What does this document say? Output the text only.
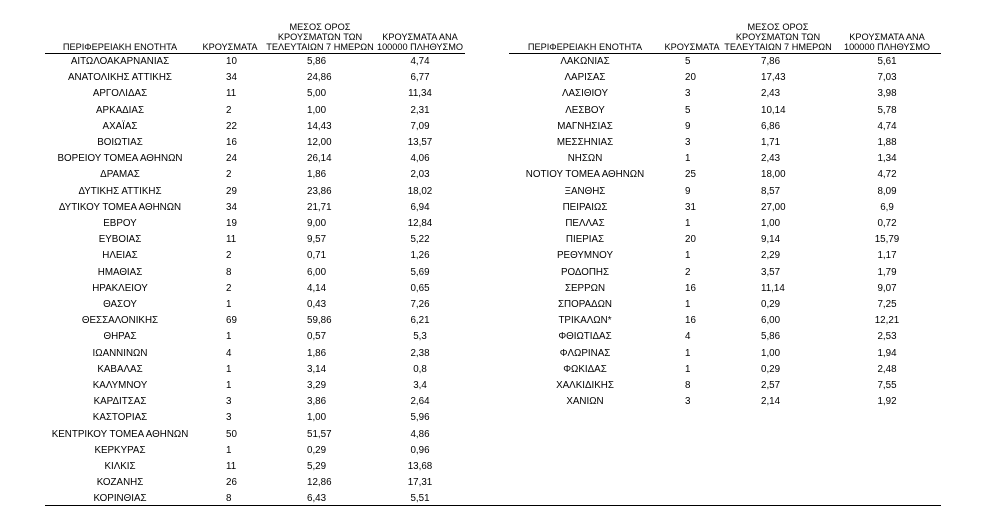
ΠΕΡΙΦΕΡΕΙΑΚΗ ΕΝΟΤΗΤΑ	ΚΡΟΥΣΜΑΤΑ	ΜΕΣΟΣ ΟΡΟΣ ΚΡΟΥΣΜΑΤΩΝ ΤΩΝ ΤΕΛΕΥΤΑΙΩΝ 7 ΗΜΕΡΩΝ	ΚΡΟΥΣΜΑΤΑ ΑΝΑ 100000 ΠΛΗΘΥΣΜΟ
ΑΙΤΩΛΟΑΚΑΡΝΑΝΙΑΣ	10	5,86	4,74
ΑΝΑΤΟΛΙΚΗΣ ΑΤΤΙΚΗΣ	34	24,86	6,77
ΑΡΓΟΛΙΔΑΣ	11	5,00	11,34
ΑΡΚΑΔΙΑΣ	2	1,00	2,31
ΑΧΑΪΑΣ	22	14,43	7,09
ΒΟΙΩΤΙΑΣ	16	12,00	13,57
ΒΟΡΕΙΟΥ ΤΟΜΕΑ ΑΘΗΝΩΝ	24	26,14	4,06
ΔΡΑΜΑΣ	2	1,86	2,03
ΔΥΤΙΚΗΣ ΑΤΤΙΚΗΣ	29	23,86	18,02
ΔΥΤΙΚΟΥ ΤΟΜΕΑ ΑΘΗΝΩΝ	34	21,71	6,94
ΕΒΡΟΥ	19	9,00	12,84
ΕΥΒΟΙΑΣ	11	9,57	5,22
ΗΛΕΙΑΣ	2	0,71	1,26
ΗΜΑΘΙΑΣ	8	6,00	5,69
ΗΡΑΚΛΕΙΟΥ	2	4,14	0,65
ΘΑΣΟΥ	1	0,43	7,26
ΘΕΣΣΑΛΟΝΙΚΗΣ	69	59,86	6,21
ΘΗΡΑΣ	1	0,57	5,3
ΙΩΑΝΝΙΝΩΝ	4	1,86	2,38
ΚΑΒΑΛΑΣ	1	3,14	0,8
ΚΑΛΥΜΝΟΥ	1	3,29	3,4
ΚΑΡΔΙΤΣΑΣ	3	3,86	2,64
ΚΑΣΤΟΡΙΑΣ	3	1,00	5,96
ΚΕΝΤΡΙΚΟΥ ΤΟΜΕΑ ΑΘΗΝΩΝ	50	51,57	4,86
ΚΕΡΚΥΡΑΣ	1	0,29	0,96
ΚΙΛΚΙΣ	11	5,29	13,68
ΚΟΖΑΝΗΣ	26	12,86	17,31
ΚΟΡΙΝΘΙΑΣ	8	6,43	5,51
ΠΕΡΙΦΕΡΕΙΑΚΗ ΕΝΟΤΗΤΑ	ΚΡΟΥΣΜΑΤΑ	ΜΕΣΟΣ ΟΡΟΣ ΚΡΟΥΣΜΑΤΩΝ ΤΩΝ ΤΕΛΕΥΤΑΙΩΝ 7 ΗΜΕΡΩΝ	ΚΡΟΥΣΜΑΤΑ ΑΝΑ 100000 ΠΛΗΘΥΣΜΟ
ΛΑΚΩΝΙΑΣ	5	7,86	5,61
ΛΑΡΙΣΑΣ	20	17,43	7,03
ΛΑΣΙΘΙΟΥ	3	2,43	3,98
ΛΕΣΒΟΥ	5	10,14	5,78
ΜΑΓΝΗΣΙΑΣ	9	6,86	4,74
ΜΕΣΣΗΝΙΑΣ	3	1,71	1,88
ΝΗΣΩΝ	1	2,43	1,34
ΝΟΤΙΟΥ ΤΟΜΕΑ ΑΘΗΝΩΝ	25	18,00	4,72
ΞΑΝΘΗΣ	9	8,57	8,09
ΠΕΙΡΑΙΩΣ	31	27,00	6,9
ΠΕΛΛΑΣ	1	1,00	0,72
ΠΙΕΡΙΑΣ	20	9,14	15,79
ΡΕΘΥΜΝΟΥ	1	2,29	1,17
ΡΟΔΟΠΗΣ	2	3,57	1,79
ΣΕΡΡΩΝ	16	11,14	9,07
ΣΠΟΡΑΔΩΝ	1	0,29	7,25
ΤΡΙΚΑΛΩΝ*	16	6,00	12,21
ΦΘΙΩΤΙΔΑΣ	4	5,86	2,53
ΦΛΩΡΙΝΑΣ	1	1,00	1,94
ΦΩΚΙΔΑΣ	1	0,29	2,48
ΧΑΛΚΙΔΙΚΗΣ	8	2,57	7,55
ΧΑΝΙΩΝ	3	2,14	1,92
